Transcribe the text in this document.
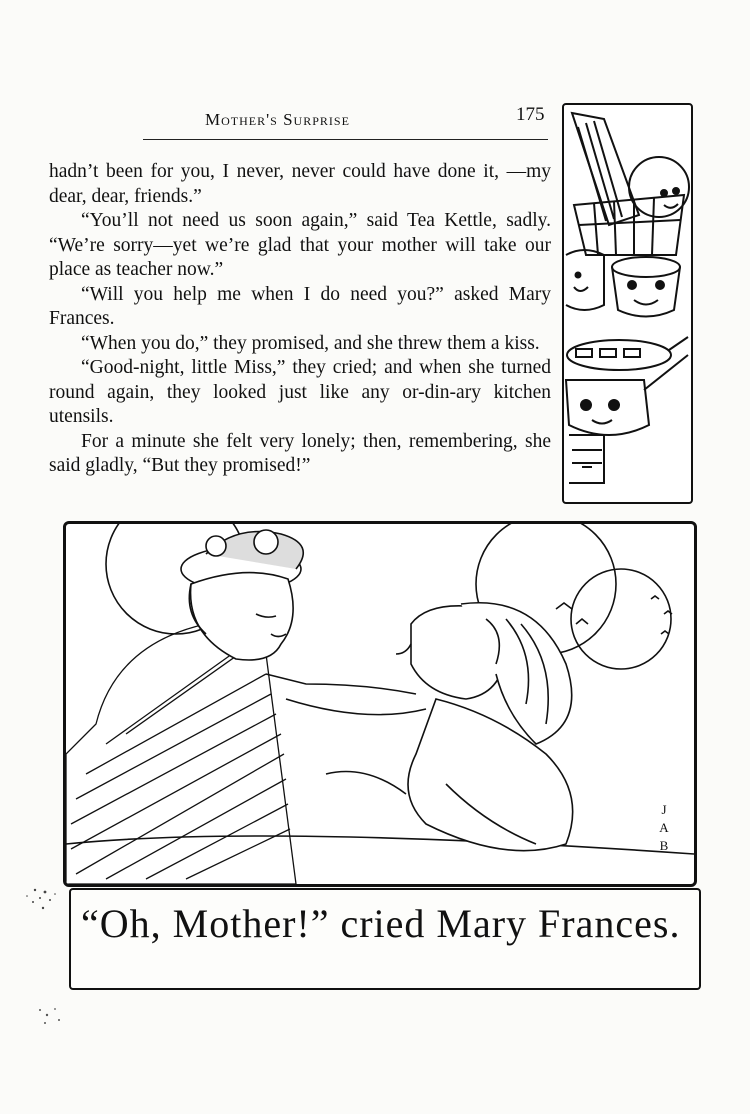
Mother's Surprise	175

hadn’t been for you, I never, never could have done it, —my dear, dear, friends.”

“You’ll not need us soon again,” said Tea Kettle, sadly. “We’re sorry—yet we’re glad that your mother will take our place as teacher now.”

“Will you help me when I do need you?” asked Mary Frances.

“When you do,” they promised, and she threw them a kiss.

“Good-night, little Miss,” they cried; and when she turned round again, they looked just like any or-din-ary kitchen utensils.

For a minute she felt very lonely; then, remembering, she said gladly, “But they promised!”

J
A
B
“Oh, Mother!” cried Mary Frances.
